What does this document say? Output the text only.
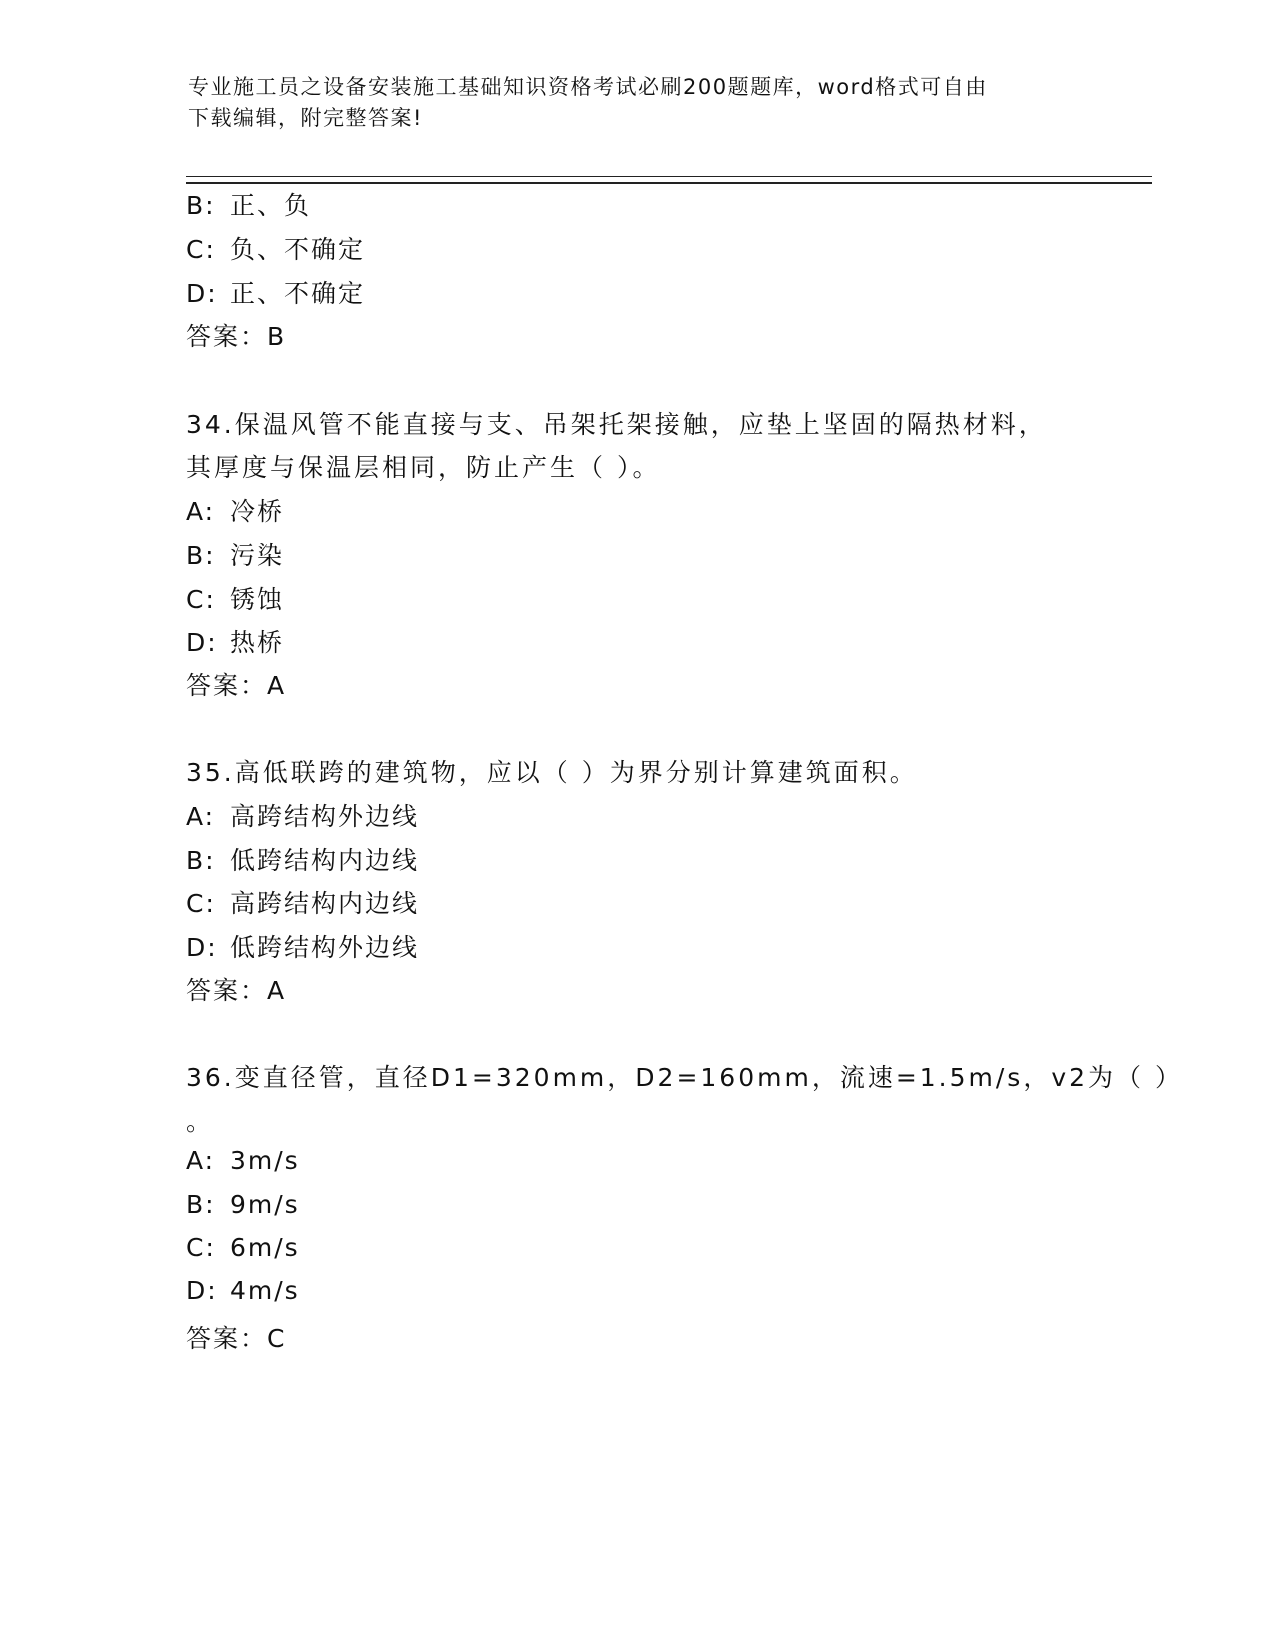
专业施工员之设备安装施工基础知识资格考试必刷200题题库，word格式可自由
下载编辑，附完整答案!
B: 正、负
C: 负、不确定
D: 正、不确定
答案：B
34.保温风管不能直接与支、吊架托架接触，应垫上坚固的隔热材料，
其厚度与保温层相同，防止产生（ ）。
A: 冷桥
B: 污染
C: 锈蚀
D: 热桥
答案：A
35.高低联跨的建筑物，应以（ ）为界分别计算建筑面积。
A: 高跨结构外边线
B: 低跨结构内边线
C: 高跨结构内边线
D: 低跨结构外边线
答案：A
36.变直径管，直径D1=320mm，D2=160mm，流速=1.5m/s，v2为（ ）
。
A: 3m/s
B: 9m/s
C: 6m/s
D: 4m/s
答案：C
